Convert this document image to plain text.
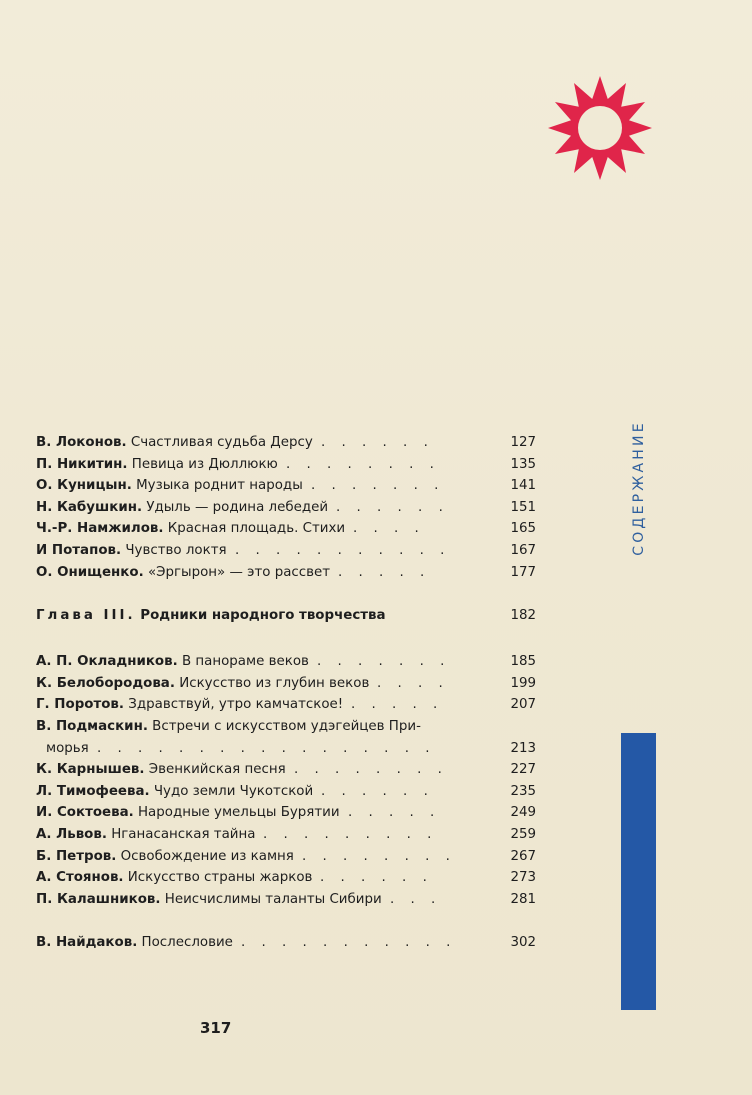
СОДЕРЖАНИЕ
В. Локонов. Счастливая судьба Дерсу . . . . . .	127
П. Никитин. Певица из Дюллюкю . . . . . . . .	135
О. Куницын. Музыка роднит народы . . . . . . .	141
Н. Кабушкин. Удыль — родина лебедей . . . . . .	151
Ч.-Р. Намжилов. Красная площадь. Стихи . . . .	165
И Потапов. Чувство локтя . . . . . . . . . . .	167
О. Онищенко. «Эргырон» — это рассвет . . . . .	177
Глава III. Родники народного творчества	182
А. П. Окладников. В панораме веков . . . . . . .	185
К. Белобородова. Искусство из глубин веков . . . .	199
Г. Поротов. Здравствуй, утро камчатское! . . . . .	207
В. Подмаскин. Встречи с искусством удэгейцев При-
морья . . . . . . . . . . . . . . . . .	213
К. Карнышев. Эвенкийская песня . . . . . . . .	227
Л. Тимофеева. Чудо земли Чукотской . . . . . .	235
И. Соктоева. Народные умельцы Бурятии . . . . .	249
А. Львов. Нганасанская тайна . . . . . . . . .	259
Б. Петров. Освобождение из камня . . . . . . . .	267
А. Стоянов. Искусство страны жарков . . . . . .	273
П. Калашников. Неисчислимы таланты Сибири . . .	281
В. Найдаков. Послесловие . . . . . . . . . . .	302
317
